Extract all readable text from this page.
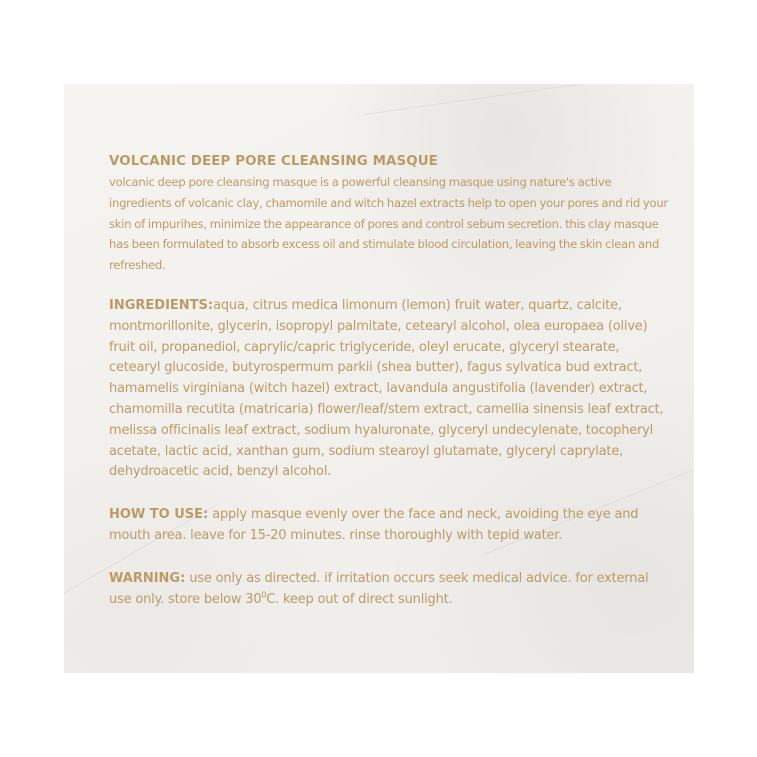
VOLCANIC DEEP PORE CLEANSING MASQUE

volcanic deep pore cleansing masque is a powerful cleansing masque using nature's active ingredients of volcanic clay, chamomile and witch hazel extracts help to open your pores and rid your skin of impurihes, minimize the appearance of pores and control sebum secretion. this clay masque has been formulated to absorb excess oil and stimulate blood circulation, leaving the skin clean and refreshed.

INGREDIENTS:aqua, citrus medica limonum (lemon) fruit water, quartz, calcite, montmorillonite, glycerin, isopropyl palmitate, cetearyl alcohol, olea europaea (olive) fruit oil, propanediol, caprylic/capric triglyceride, oleyl erucate, glyceryl stearate, cetearyl glucoside, butyrospermum parkii (shea butter), fagus sylvatica bud extract, hamamelis virginiana (witch hazel) extract, lavandula angustifolia (lavender) extract, chamomilla recutita (matricaria) flower/leaf/stem extract, camellia sinensis leaf extract, melissa officinalis leaf extract, sodium hyaluronate, glyceryl undecylenate, tocopheryl acetate, lactic acid, xanthan gum, sodium stearoyl glutamate, glyceryl caprylate, dehydroacetic acid, benzyl alcohol.

HOW TO USE: apply masque evenly over the face and neck, avoiding the eye and mouth area. leave for 15-20 minutes. rinse thoroughly with tepid water.

WARNING: use only as directed. if irritation occurs seek medical advice. for external use only. store below $30^0C$. keep out of direct sunlight.
